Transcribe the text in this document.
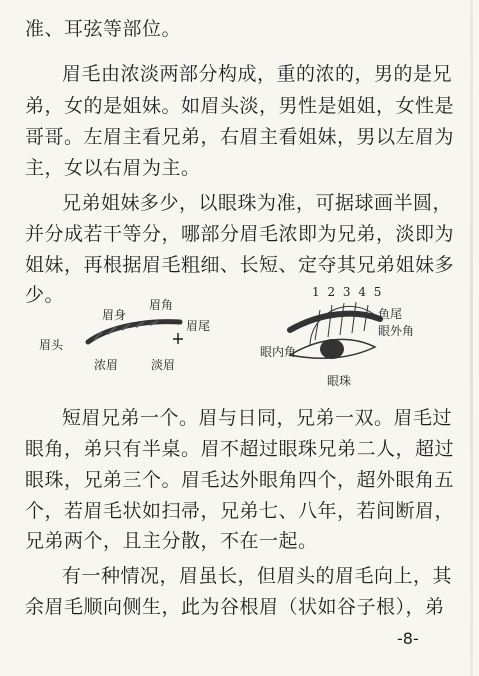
准、耳弦等部位。
眉毛由浓淡两部分构成，重的浓的，男的是兄
弟，女的是姐妹。如眉头淡，男性是姐姐，女性是
哥哥。左眉主看兄弟，右眉主看姐妹，男以左眉为
主，女以右眉为主。
兄弟姐妹多少，以眼珠为准，可据球画半圆，
并分成若干等分，哪部分眉毛浓即为兄弟，淡即为
姐妹，再根据眉毛粗细、长短、定夺其兄弟姐妹多
少。
眉身
眉角
眉尾
眉头
浓眉	淡眉
1 2 3 4 5
鱼尾
眼外角
眼内角
眼珠
短眉兄弟一个。眉与日同，兄弟一双。眉毛过
眼角，弟只有半桌。眉不超过眼珠兄弟二人，超过
眼珠，兄弟三个。眉毛达外眼角四个，超外眼角五
个，若眉毛状如扫帚，兄弟七、八年，若间断眉，
兄弟两个，且主分散，不在一起。
有一种情况，眉虽长，但眉头的眉毛向上，其
余眉毛顺向侧生，此为谷根眉（状如谷子根），弟
-8-
